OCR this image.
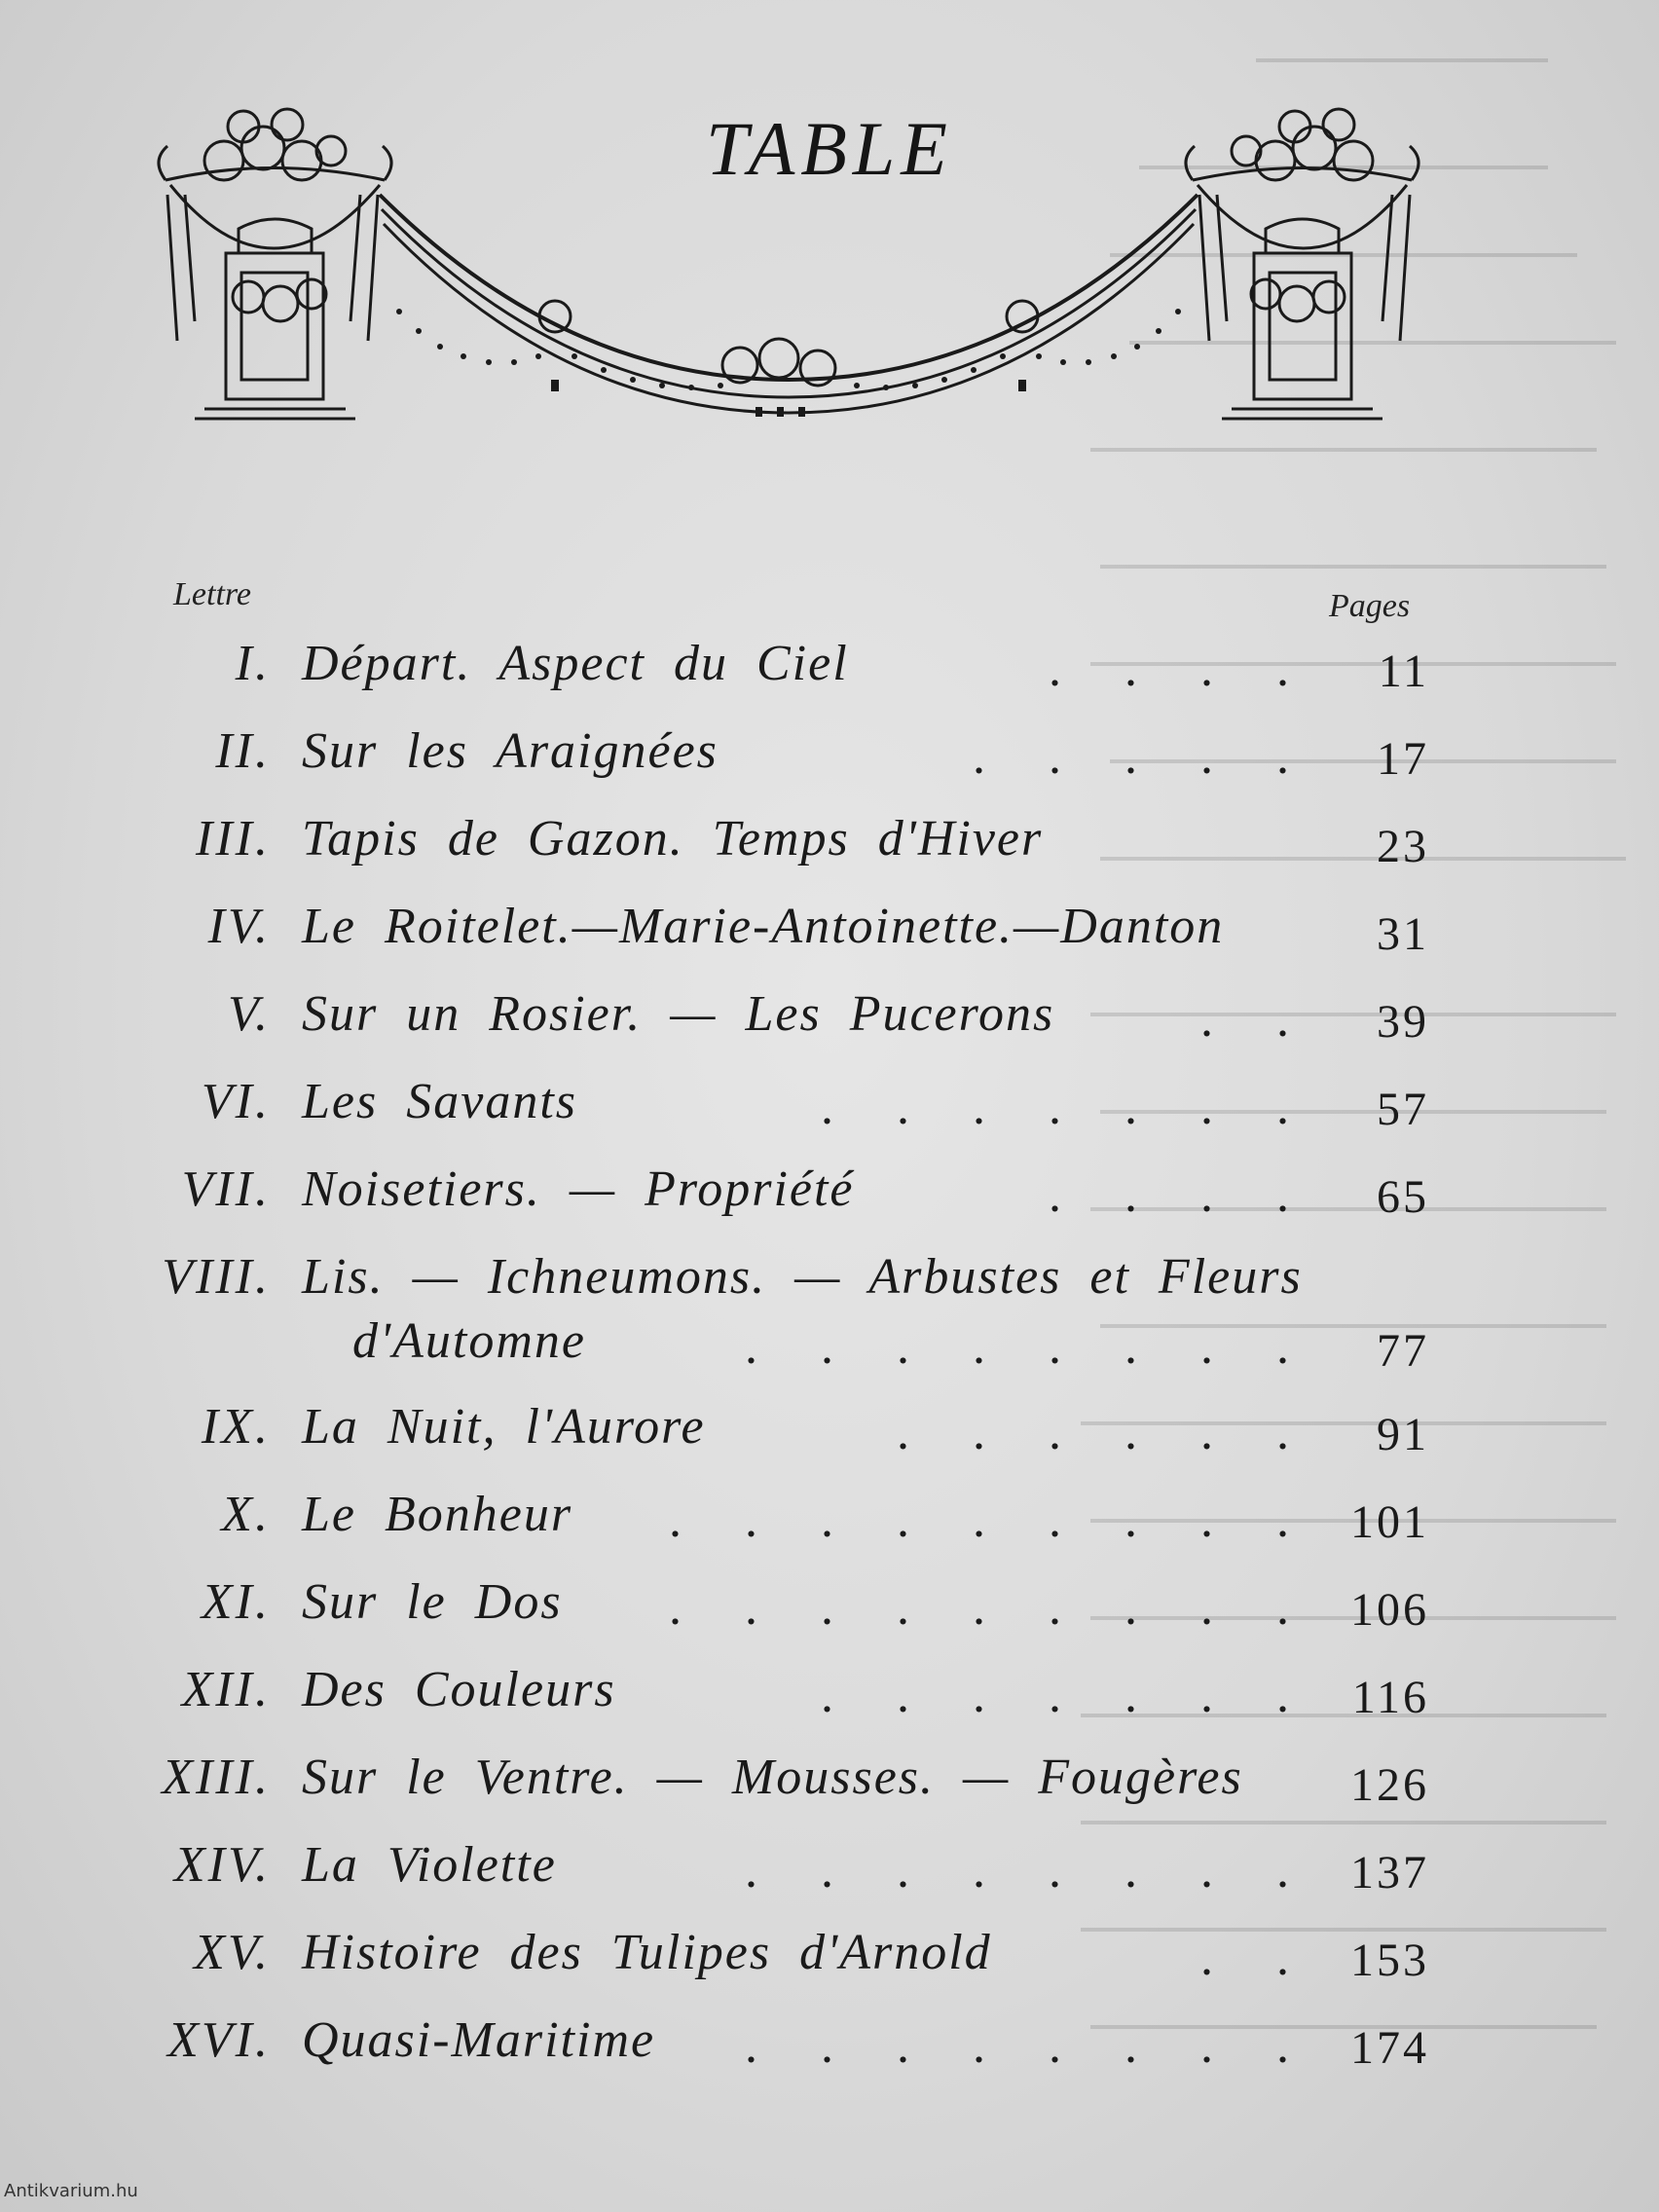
TABLE
Lettre	Pages
I. Départ. Aspect du Ciel	.     .     .     . 11
II. Sur les Araignées	.     .     .     .     . 17
III. Tapis de Gazon. Temps d'Hiver	23
IV. Le Roitelet.—Marie-Antoinette.—Danton	31
V. Sur un Rosier. — Les Pucerons	.     . 39
VI. Les Savants	.     .     .     .     .     .     . 57
VII. Noisetiers. — Propriété	.     .     .     . 65
VIII. Lis. — Ichneumons. — Arbustes et Fleurs
d'Automne	.     .     .     .     .     .     .     . 77
IX. La Nuit, l'Aurore	.     .     .     .     .     . 91
X. Le Bonheur .     .     .     .     .     .     .     .     . 101
XI. Sur le Dos .     .     .     .     .     .     .     .     . 106
XII. Des Couleurs	.     .     .     .     .     .     . 116
XIII. Sur le Ventre. — Mousses. — Fougères 126
XIV. La Violette	.     .     .     .     .     .     .     . 137
XV. Histoire des Tulipes d'Arnold	.     . 153
XVI. Quasi-Maritime .     .     .     .     .     .     .     . 174
Antikvarium.hu
